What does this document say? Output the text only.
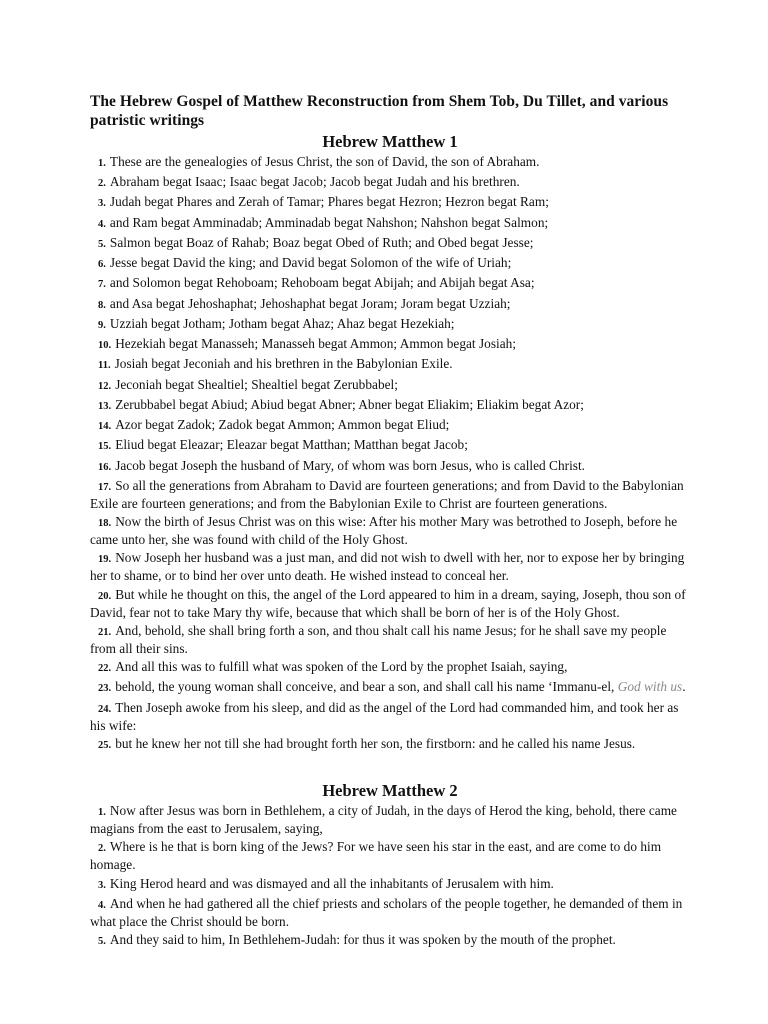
The Hebrew Gospel of Matthew Reconstruction from Shem Tob, Du Tillet, and various patristic writings
Hebrew Matthew 1

1. These are the genealogies of Jesus Christ, the son of David, the son of Abraham.

2. Abraham begat Isaac; Isaac begat Jacob; Jacob begat Judah and his brethren.

3. Judah begat Phares and Zerah of Tamar; Phares begat Hezron; Hezron begat Ram;

4. and Ram begat Amminadab; Amminadab begat Nahshon; Nahshon begat Salmon;

5. Salmon begat Boaz of Rahab; Boaz begat Obed of Ruth; and Obed begat Jesse;

6. Jesse begat David the king; and David begat Solomon of the wife of Uriah;

7. and Solomon begat Rehoboam; Rehoboam begat Abijah; and Abijah begat Asa;

8. and Asa begat Jehoshaphat; Jehoshaphat begat Joram; Joram begat Uzziah;

9. Uzziah begat Jotham; Jotham begat Ahaz; Ahaz begat Hezekiah;

10. Hezekiah begat Manasseh; Manasseh begat Ammon; Ammon begat Josiah;

11. Josiah begat Jeconiah and his brethren in the Babylonian Exile.

12. Jeconiah begat Shealtiel; Shealtiel begat Zerubbabel;

13. Zerubbabel begat Abiud; Abiud begat Abner; Abner begat Eliakim; Eliakim begat Azor;

14. Azor begat Zadok; Zadok begat Ammon; Ammon begat Eliud;

15. Eliud begat Eleazar; Eleazar begat Matthan; Matthan begat Jacob;

16. Jacob begat Joseph the husband of Mary, of whom was born Jesus, who is called Christ.

17. So all the generations from Abraham to David are fourteen generations; and from David to the Babylonian Exile are fourteen generations; and from the Babylonian Exile to Christ are fourteen generations.

18. Now the birth of Jesus Christ was on this wise: After his mother Mary was betrothed to Joseph, before he came unto her, she was found with child of the Holy Ghost.

19. Now Joseph her husband was a just man, and did not wish to dwell with her, nor to expose her by bringing her to shame, or to bind her over unto death. He wished instead to conceal her.

20. But while he thought on this, the angel of the Lord appeared to him in a dream, saying, Joseph, thou son of David, fear not to take Mary thy wife, because that which shall be born of her is of the Holy Ghost.

21. And, behold, she shall bring forth a son, and thou shalt call his name Jesus; for he shall save my people from all their sins.

22. And all this was to fulfill what was spoken of the Lord by the prophet Isaiah, saying,

23. behold, the young woman shall conceive, and bear a son, and shall call his name ‘Immanu-el, God with us.

24. Then Joseph awoke from his sleep, and did as the angel of the Lord had commanded him, and took her as his wife:

25. but he knew her not till she had brought forth her son, the firstborn: and he called his name Jesus.

Hebrew Matthew 2

1. Now after Jesus was born in Bethlehem, a city of Judah, in the days of Herod the king, behold, there came magians from the east to Jerusalem, saying,

2. Where is he that is born king of the Jews? For we have seen his star in the east, and are come to do him homage.

3. King Herod heard and was dismayed and all the inhabitants of Jerusalem with him.

4. And when he had gathered all the chief priests and scholars of the people together, he demanded of them in what place the Christ should be born.

5. And they said to him, In Bethlehem-Judah: for thus it was spoken by the mouth of the prophet.
